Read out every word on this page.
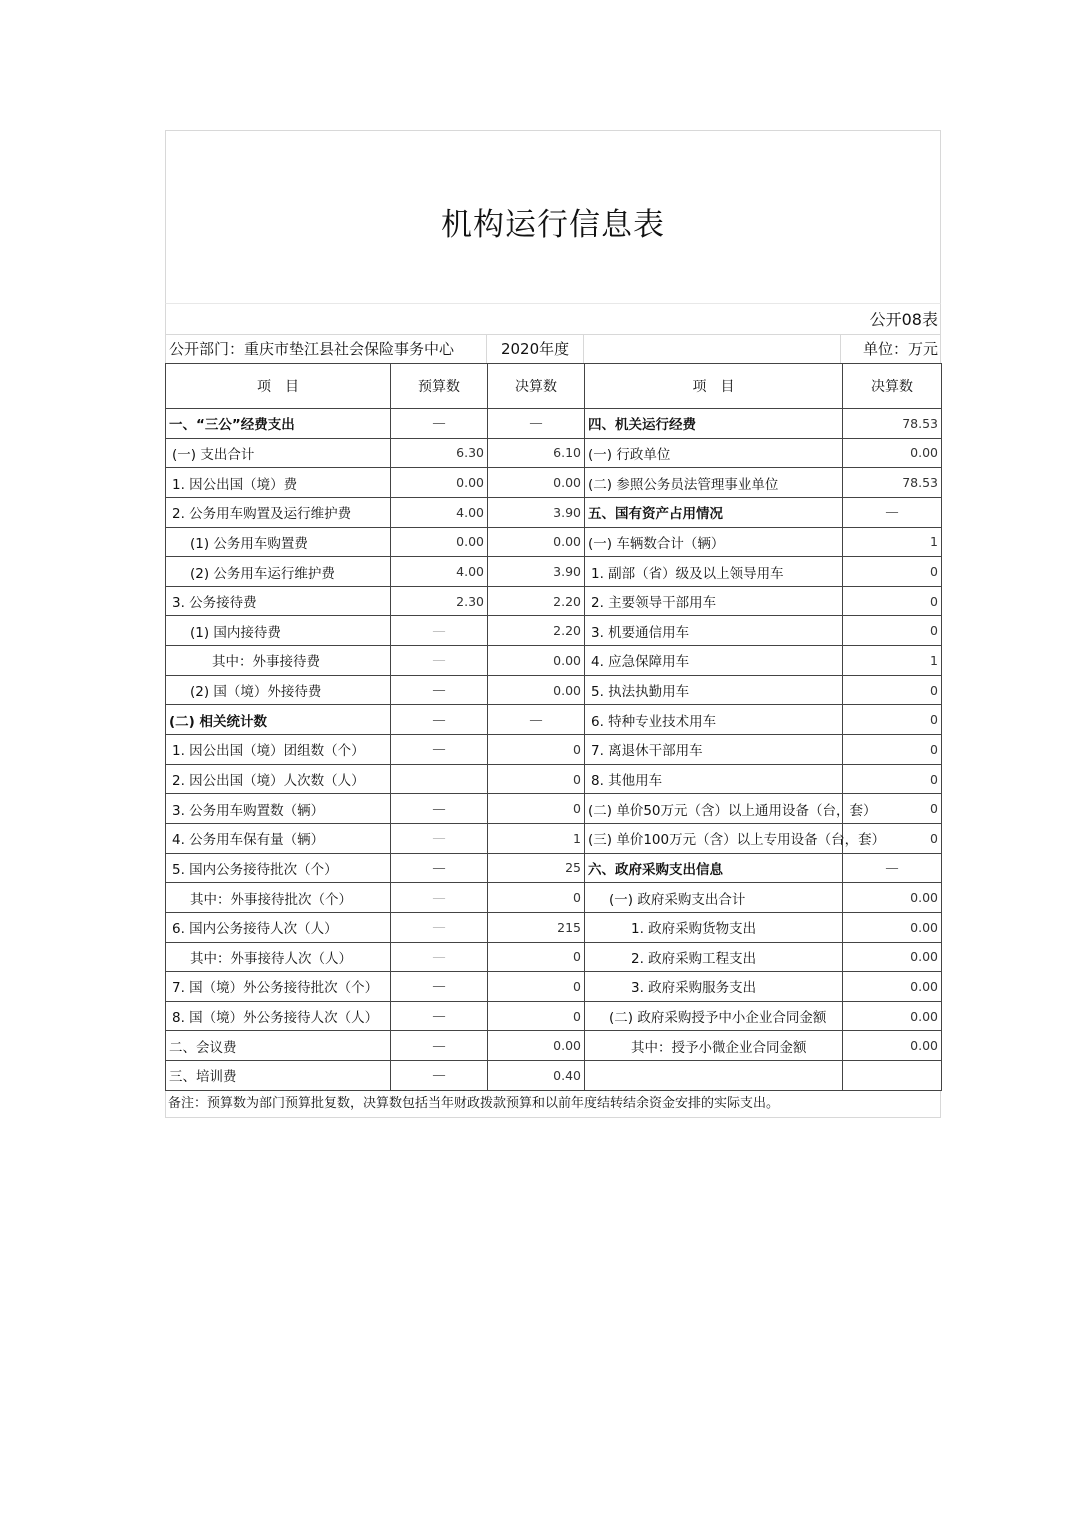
机构运行信息表
公开08表
公开部门：重庆市垫江县社会保险事务中心	2020年度	单位：万元
项　目	预算数	决算数	项　目	决算数
一、“三公”经费支出	—	—	四、机关运行经费	78.53
(一) 支出合计	6.30	6.10	(一) 行政单位	0.00
1. 因公出国（境）费	0.00	0.00	(二) 参照公务员法管理事业单位	78.53
2. 公务用车购置及运行维护费	4.00	3.90	五、国有资产占用情况	—
(1) 公务用车购置费	0.00	0.00	(一) 车辆数合计（辆）	1
(2) 公务用车运行维护费	4.00	3.90	1. 副部（省）级及以上领导用车	0
3. 公务接待费	2.30	2.20	2. 主要领导干部用车	0
(1) 国内接待费	—	2.20	3. 机要通信用车	0
其中：外事接待费	—	0.00	4. 应急保障用车	1
(2) 国（境）外接待费	—	0.00	5. 执法执勤用车	0
(二) 相关统计数	—	—	6. 特种专业技术用车	0
1. 因公出国（境）团组数（个）	—	0	7. 离退休干部用车	0
2. 因公出国（境）人次数（人）		0	8. 其他用车	0
3. 公务用车购置数（辆）	—	0	(二) 单价50万元（含）以上通用设备（台，套）	0
4. 公务用车保有量（辆）	—	1	(三) 单价100万元（含）以上专用设备（台，套）	0
5. 国内公务接待批次（个）	—	25	六、政府采购支出信息	—
其中：外事接待批次（个）	—	0	(一) 政府采购支出合计	0.00
6. 国内公务接待人次（人）	—	215	1. 政府采购货物支出	0.00
其中：外事接待人次（人）	—	0	2. 政府采购工程支出	0.00
7. 国（境）外公务接待批次（个）	—	0	3. 政府采购服务支出	0.00
8. 国（境）外公务接待人次（人）	—	0	(二) 政府采购授予中小企业合同金额	0.00
二、会议费	—	0.00	其中：授予小微企业合同金额	0.00
三、培训费	—	0.40		
备注：预算数为部门预算批复数，决算数包括当年财政拨款预算和以前年度结转结余资金安排的实际支出。
